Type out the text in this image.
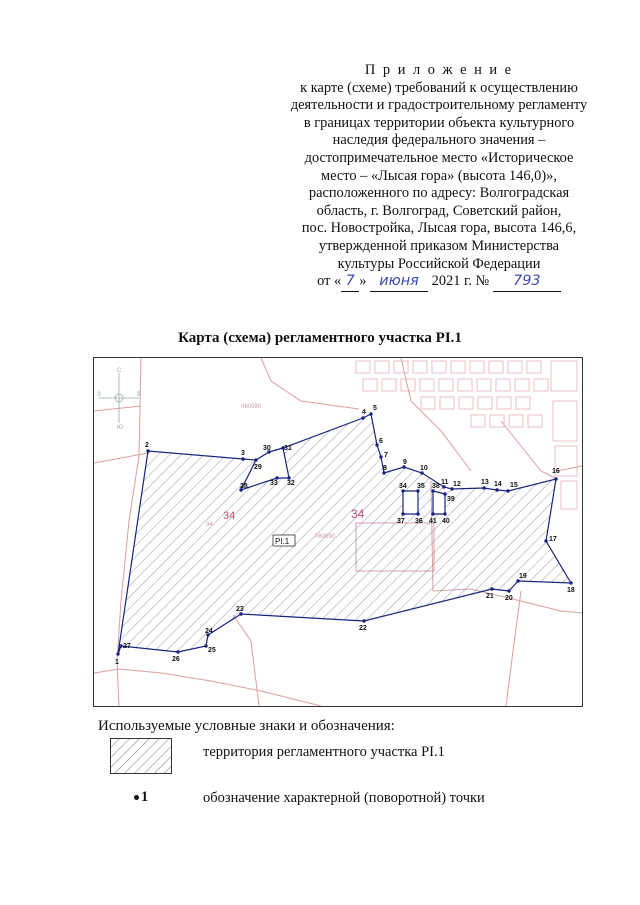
П р и л о ж е н и е
к карте (схеме) требований к осуществлению
деятельности и градостроительному регламенту
в границах территории объекта культурного
наследия федерального значения –
достопримечательное место «Историческое
место – «Лысая гора» (высота 146,0)»,
расположенного по адресу: Волгоградская
область, г. Волгоград, Советский район,
пос. Новостройка, Лысая гора, высота 146,6,
утвержденной приказом Министерства
культуры Российской Федерации
от « 7 » июня 2021 г. № 793
Карта (схема) регламентного участка РI.1
С
Ю
З	В
РI.1
34
34
060090
060090
34
1
2
3
4
5
6
7
8
9
10
11 12	13 14 15
16
17
18
19
20
21
22
23
24
25
26
27
28
29
30 31
32
33	34 35
36
37
38
39
40
41
Используемые условные знаки и обозначения:
территория регламентного участка РI.1
1	обозначение характерной (поворотной) точки
